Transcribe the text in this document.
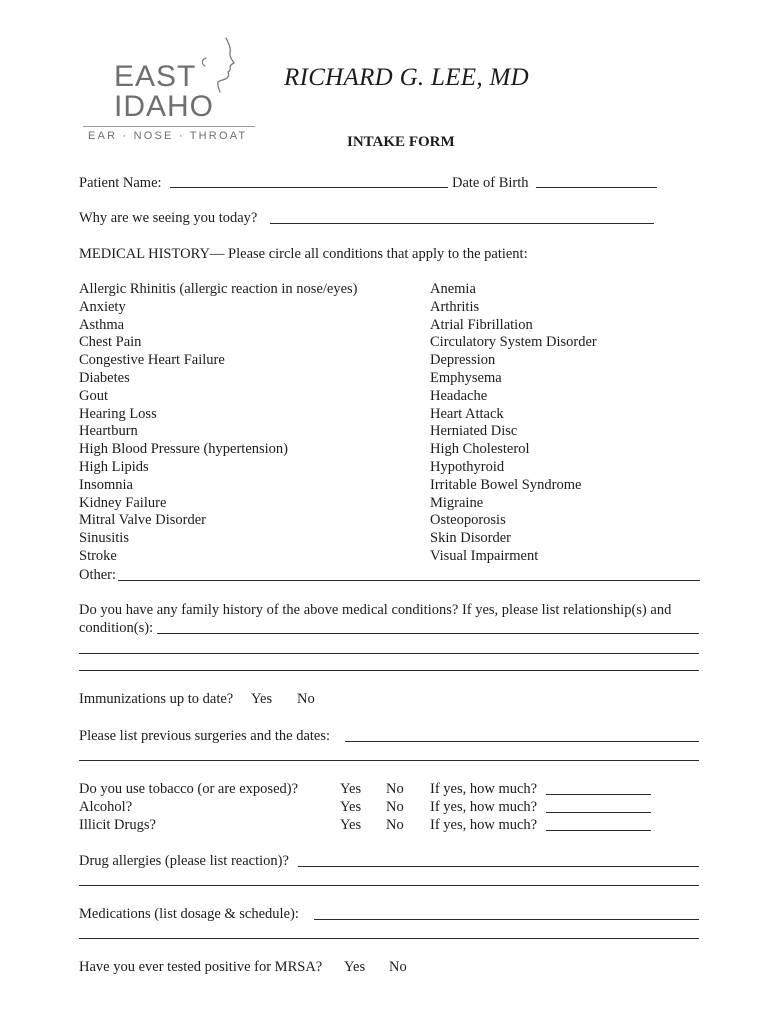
EAST
IDAHO
EAR · NOSE · THROAT
RICHARD G. LEE, MD
INTAKE FORM
Patient Name:	Date of Birth
Why are we seeing you today?
MEDICAL HISTORY— Please circle all conditions that apply to the patient:
Allergic Rhinitis (allergic reaction in nose/eyes)
Anxiety
Asthma
Chest Pain
Congestive Heart Failure
Diabetes
Gout
Hearing Loss
Heartburn
High Blood Pressure (hypertension)
High Lipids
Insomnia
Kidney Failure
Mitral Valve Disorder
Sinusitis
Stroke
Anemia
Arthritis
Atrial Fibrillation
Circulatory System Disorder
Depression
Emphysema
Headache
Heart Attack
Herniated Disc
High Cholesterol
Hypothyroid
Irritable Bowel Syndrome
Migraine
Osteoporosis
Skin Disorder
Visual Impairment
Other:
Do you have any family history of the above medical conditions? If yes, please list relationship(s) and
condition(s):
Immunizations up to date? Yes No
Please list previous surgeries and the dates:
Do you use tobacco (or are exposed)?	Yes No If yes, how much?
Alcohol?	Yes No If yes, how much?
Illicit Drugs?	Yes No If yes, how much?
Drug allergies (please list reaction)?
Medications (list dosage & schedule):
Have you ever tested positive for MRSA? Yes No
